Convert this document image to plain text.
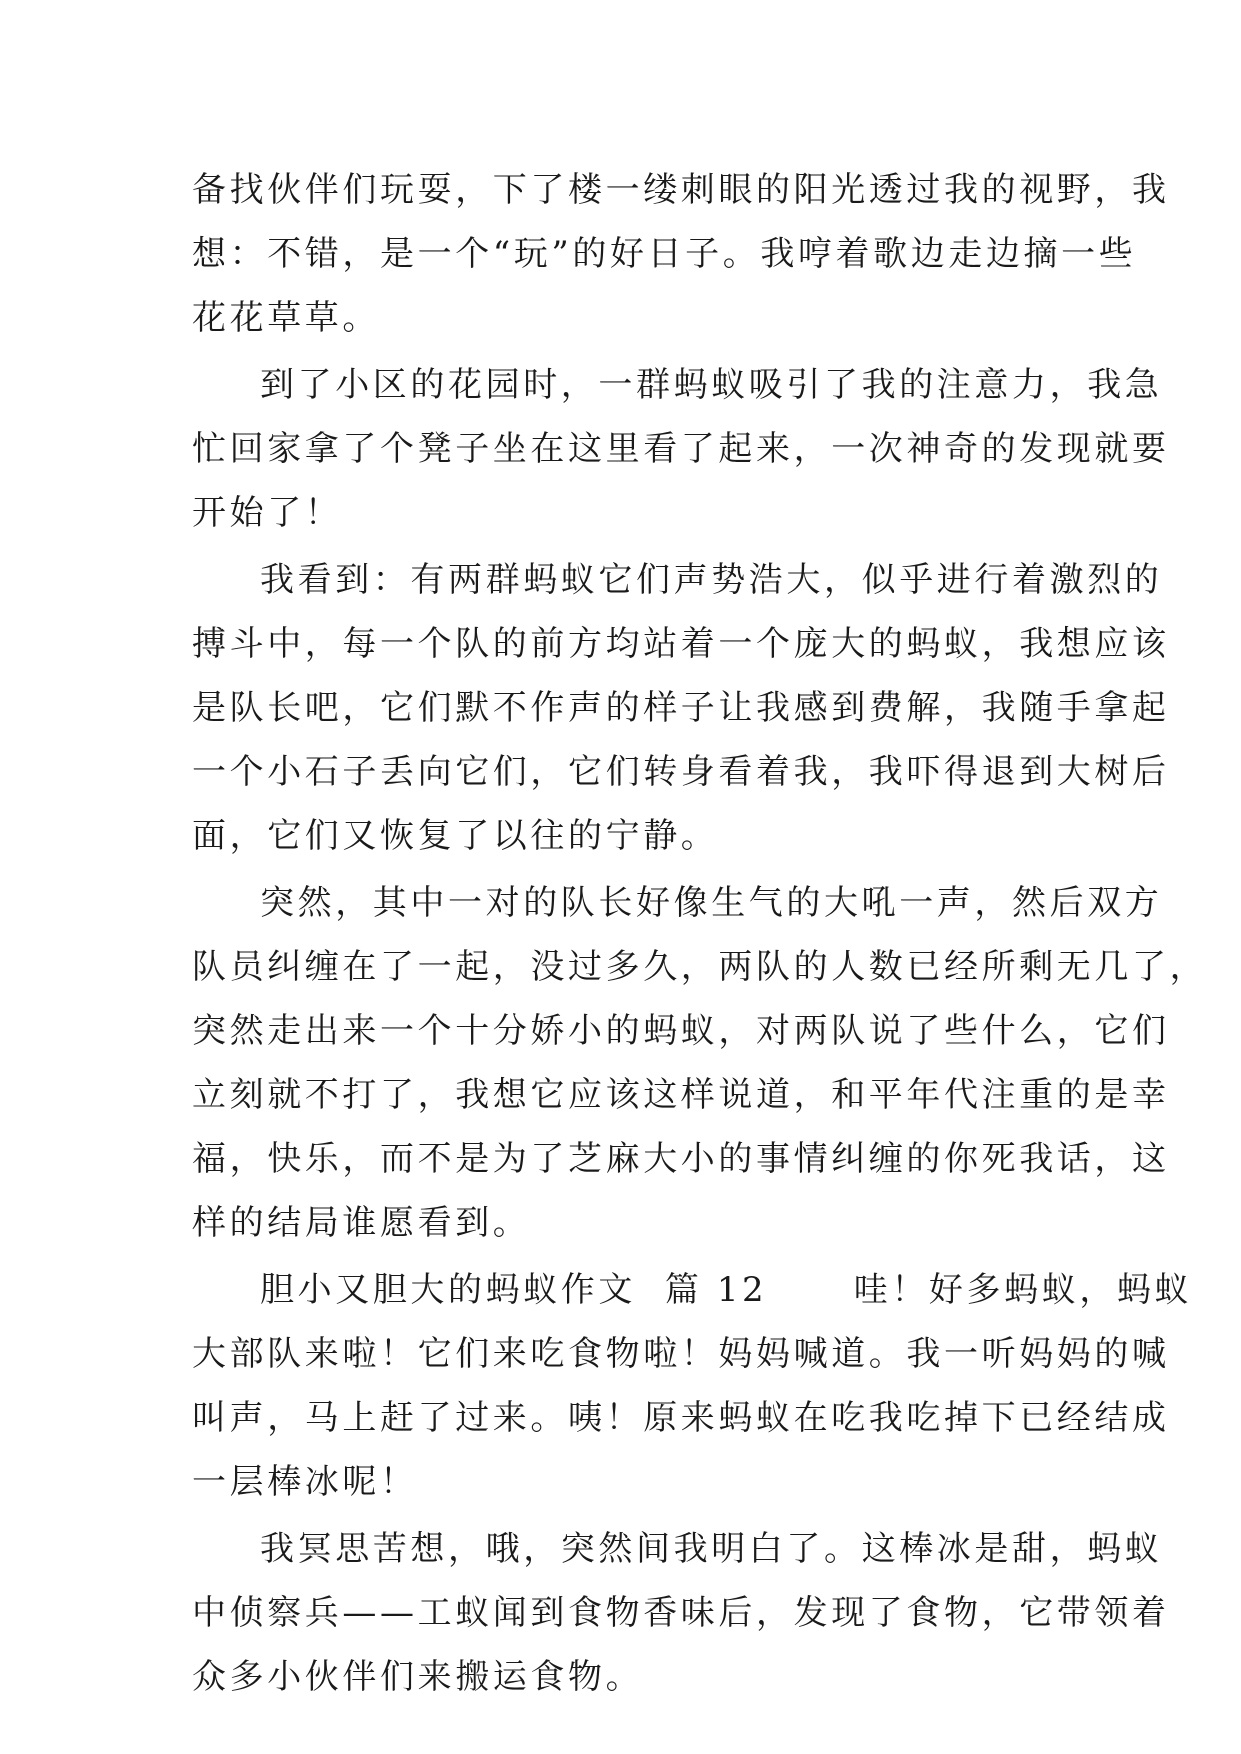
备找伙伴们玩耍，下了楼一缕刺眼的阳光透过我的视野，我
想：不错，是一个“玩”的好日子。我哼着歌边走边摘一些
花花草草。
到了小区的花园时，一群蚂蚁吸引了我的注意力，我急
忙回家拿了个凳子坐在这里看了起来，一次神奇的发现就要
开始了！
我看到：有两群蚂蚁它们声势浩大，似乎进行着激烈的
搏斗中，每一个队的前方均站着一个庞大的蚂蚁，我想应该
是队长吧，它们默不作声的样子让我感到费解，我随手拿起
一个小石子丢向它们，它们转身看着我，我吓得退到大树后
面，它们又恢复了以往的宁静。
突然，其中一对的队长好像生气的大吼一声，然后双方
队员纠缠在了一起，没过多久，两队的人数已经所剩无几了，
突然走出来一个十分娇小的蚂蚁，对两队说了些什么，它们
立刻就不打了，我想它应该这样说道，和平年代注重的是幸
福，快乐，而不是为了芝麻大小的事情纠缠的你死我话，这
样的结局谁愿看到。
胆小又胆大的蚂蚁作文  篇 12      哇！好多蚂蚁，蚂蚁
大部队来啦！它们来吃食物啦！妈妈喊道。我一听妈妈的喊
叫声，马上赶了过来。咦！原来蚂蚁在吃我吃掉下已经结成
一层棒冰呢！
我冥思苦想，哦，突然间我明白了。这棒冰是甜，蚂蚁
中侦察兵——工蚁闻到食物香味后，发现了食物，它带领着
众多小伙伴们来搬运食物。
